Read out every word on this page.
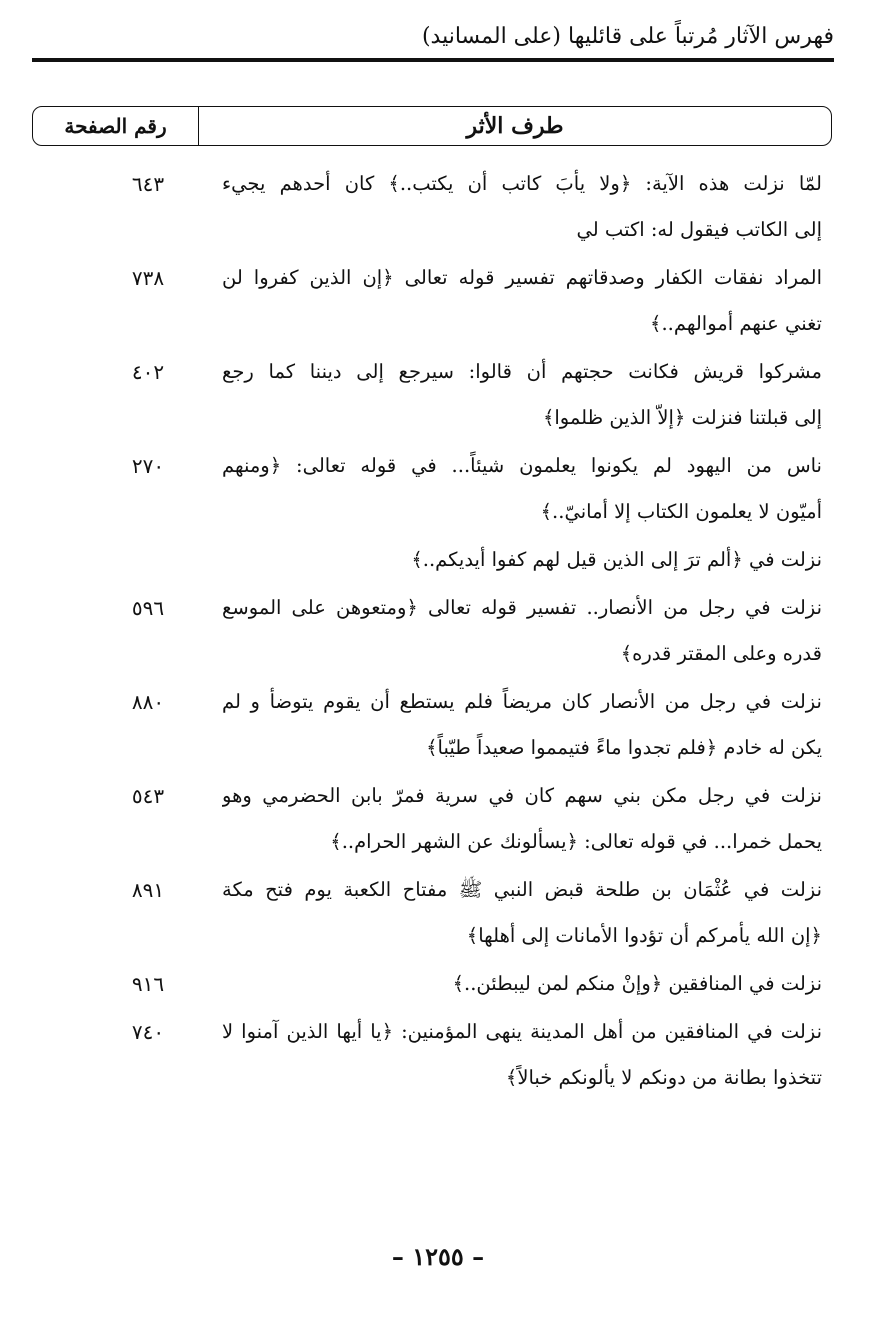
فهرس الآثار مُرتباً على قائليها (على المسانيد)
طرف الأثر
رقم الصفحة
لمّا نزلت هذه الآية: ﴿ولا يأبَ كاتب أن يكتب..﴾ كان أحدهم يجيء
إلى الكاتب فيقول له: اكتب لي
٦٤٣
المراد نفقات الكفار وصدقاتهم تفسير قوله تعالى ﴿إن الذين كفروا لن
تغني عنهم أموالهم..﴾
٧٣٨
مشركوا قريش فكانت حجتهم أن قالوا: سيرجع إلى ديننا كما رجع
إلى قبلتنا فنزلت ﴿إلاّ الذين ظلموا﴾
٤٠٢
ناس من اليهود لم يكونوا يعلمون شيئاً... في قوله تعالى: ﴿ومنهم
أميّون لا يعلمون الكتاب إلا أمانيّ..﴾
٢٧٠
نزلت في ﴿ألم ترَ إلى الذين قيل لهم كفوا أيديكم..﴾
نزلت في رجل من الأنصار.. تفسير قوله تعالى ﴿ومتعوهن على الموسع
قدره وعلى المقتر قدره﴾
٥٩٦
نزلت في رجل من الأنصار كان مريضاً فلم يستطع أن يقوم يتوضأ و لم
يكن له خادم ﴿فلم تجدوا ماءً فتيمموا صعيداً طيّباً﴾
٨٨٠
نزلت في رجل مكن بني سهم كان في سرية فمرّ بابن الحضرمي وهو
يحمل خمرا... في قوله تعالى: ﴿يسألونك عن الشهر الحرام..﴾
٥٤٣
نزلت في عُثْمَان بن طلحة قبض النبي ﷺ مفتاح الكعبة يوم فتح مكة
﴿إن الله يأمركم أن تؤدوا الأمانات إلى أهلها﴾
٨٩١
نزلت في المنافقين ﴿وإنْ منكم لمن ليبطئن..﴾
٩١٦
نزلت في المنافقين من أهل المدينة ينهى المؤمنين: ﴿يا أيها الذين آمنوا لا
تتخذوا بطانة من دونكم لا يألونكم خبالاً﴾
٧٤٠
– ١٢٥٥ –
